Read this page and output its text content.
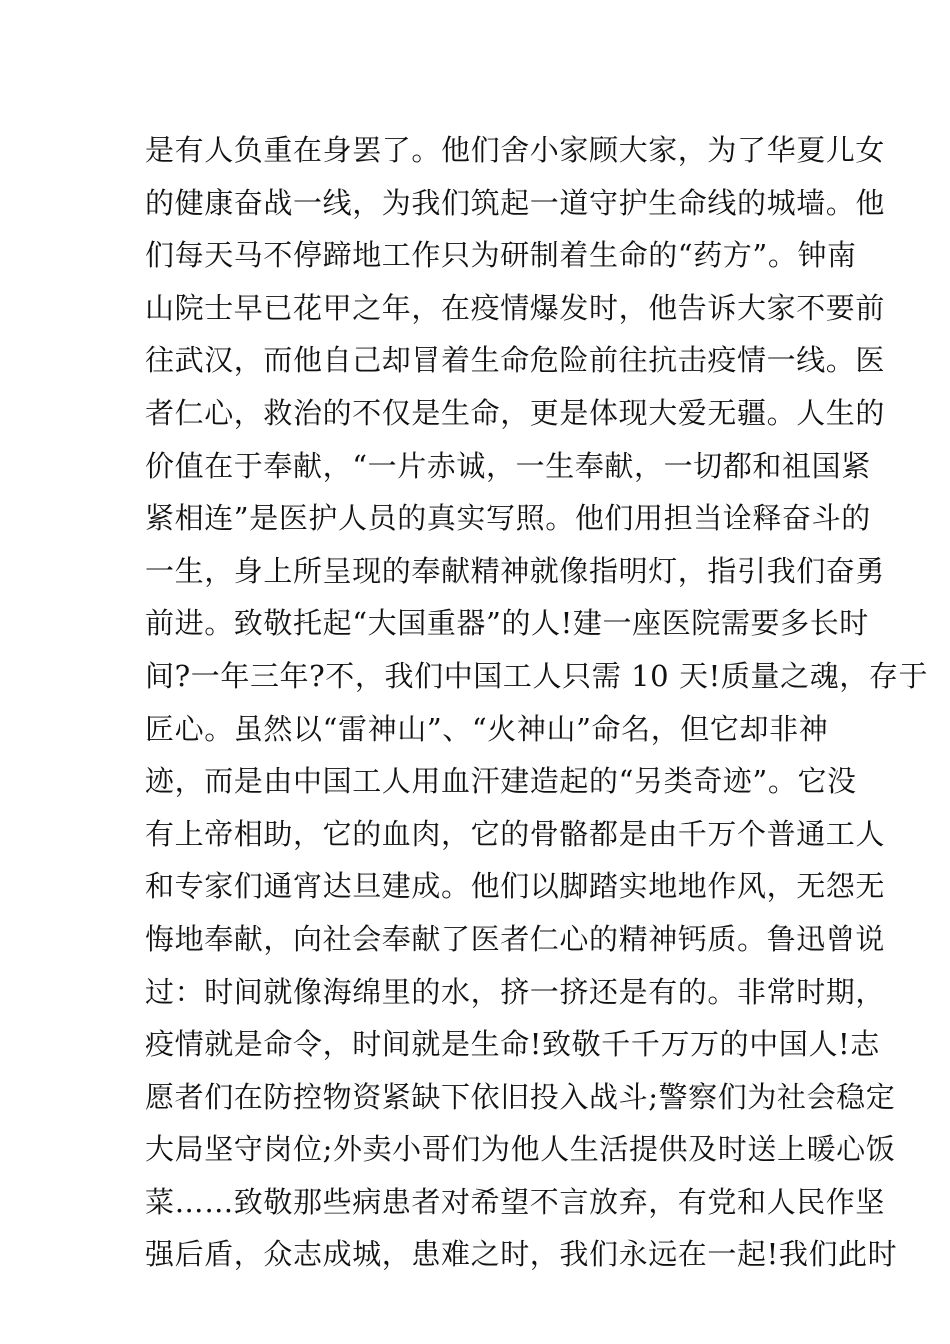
是有人负重在身罢了。他们舍小家顾大家，为了华夏儿女
的健康奋战一线，为我们筑起一道守护生命线的城墙。他
们每天马不停蹄地工作只为研制着生命的“药方”。钟南
山院士早已花甲之年，在疫情爆发时，他告诉大家不要前
往武汉，而他自己却冒着生命危险前往抗击疫情一线。医
者仁心，救治的不仅是生命，更是体现大爱无疆。人生的
价值在于奉献，“一片赤诚，一生奉献，一切都和祖国紧
紧相连”是医护人员的真实写照。他们用担当诠释奋斗的
一生，身上所呈现的奉献精神就像指明灯，指引我们奋勇
前进。致敬托起“大国重器”的人!建一座医院需要多长时
间?一年三年?不，我们中国工人只需 10 天!质量之魂，存于
匠心。虽然以“雷神山”、“火神山”命名，但它却非神
迹，而是由中国工人用血汗建造起的“另类奇迹”。它没
有上帝相助，它的血肉，它的骨骼都是由千万个普通工人
和专家们通宵达旦建成。他们以脚踏实地地作风，无怨无
悔地奉献，向社会奉献了医者仁心的精神钙质。鲁迅曾说
过：时间就像海绵里的水，挤一挤还是有的。非常时期，
疫情就是命令，时间就是生命!致敬千千万万的中国人!志
愿者们在防控物资紧缺下依旧投入战斗;警察们为社会稳定
大局坚守岗位;外卖小哥们为他人生活提供及时送上暖心饭
菜……致敬那些病患者对希望不言放弃，有党和人民作坚
强后盾，众志成城，患难之时，我们永远在一起!我们此时
